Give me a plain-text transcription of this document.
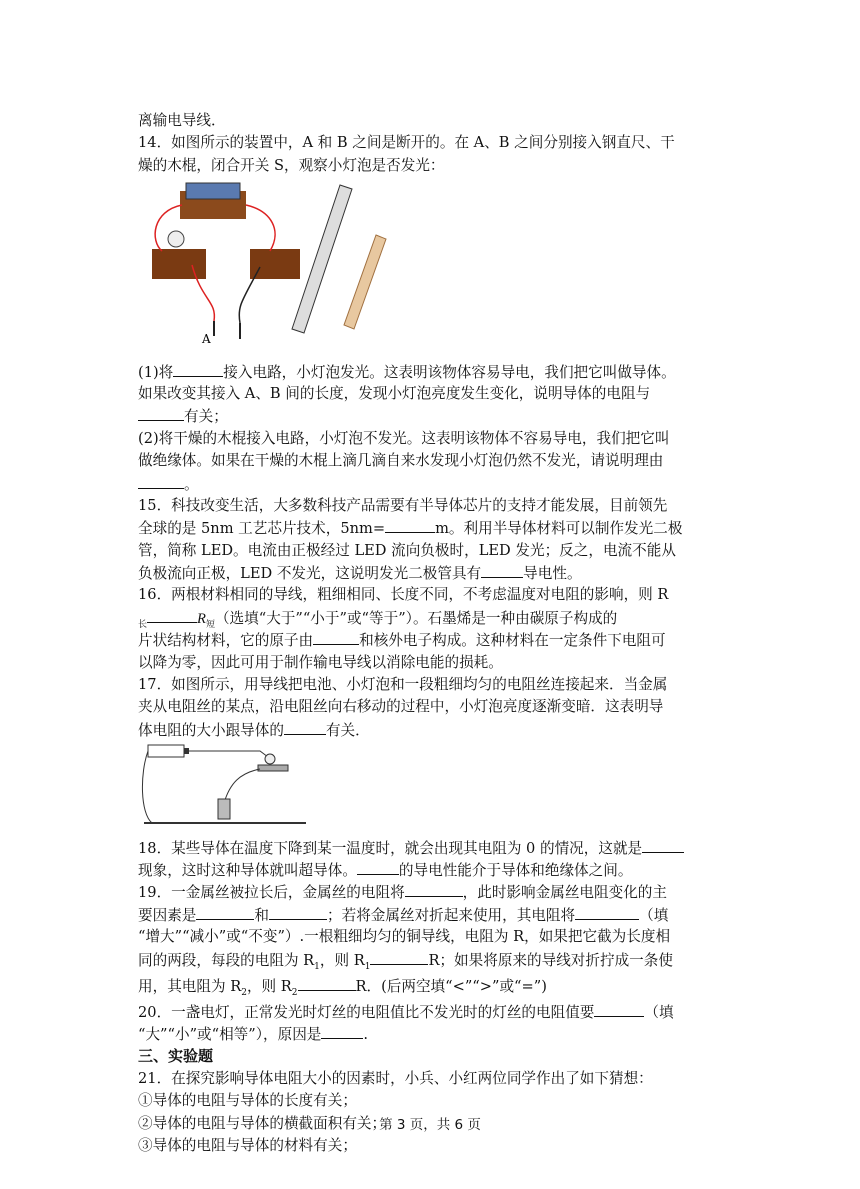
离输电导线．
14．如图所示的装置中，A 和 B 之间是断开的。在 A、B 之间分别接入钢直尺、干
燥的木棍，闭合开关 S，观察小灯泡是否发光：
A
(1)将	接入电路，小灯泡发光。这表明该物体容易导电，我们把它叫做导体。
如果改变其接入 A、B 间的长度，发现小灯泡亮度发生变化，说明导体的电阻与
有关；
(2)将干燥的木棍接入电路，小灯泡不发光。这表明该物体不容易导电，我们把它叫
做绝缘体。如果在干燥的木棍上滴几滴自来水发现小灯泡仍然不发光，请说明理由
。
15．科技改变生活，大多数科技产品需要有半导体芯片的支持才能发展，目前领先
全球的是 5nm 工艺芯片技术，5nm=	m。利用半导体材料可以制作发光二极
管，简称 LED。电流由正极经过 LED 流向负极时，LED 发光；反之，电流不能从
负极流向正极，LED 不发光，这说明发光二极管具有	导电性。
16．两根材料相同的导线，粗细相同、长度不同，不考虑温度对电阻的影响，则 R
$_长$	$R_短$（选填“大于”“小于”或“等于”）。石墨烯是一种由碳原子构成的
片状结构材料，它的原子由	和核外电子构成。这种材料在一定条件下电阻可
以降为零，因此可用于制作输电导线以消除电能的损耗。
17．如图所示，用导线把电池、小灯泡和一段粗细均匀的电阻丝连接起来．当金属
夹从电阻丝的某点，沿电阻丝向右移动的过程中，小灯泡亮度逐渐变暗．这表明导
体电阻的大小跟导体的	有关．
18．某些导体在温度下降到某一温度时，就会出现其电阻为 0 的情况，这就是
现象，这时这种导体就叫超导体。	的导电性能介于导体和绝缘体之间。
19．一金属丝被拉长后，金属丝的电阻将	，此时影响金属丝电阻变化的主
要因素是	和	；若将金属丝对折起来使用，其电阻将	（填
“增大”“减小”或“不变”）.一根粗细均匀的铜导线，电阻为 R，如果把它截为长度相
同的两段，每段的电阻为 $R_1$，则 $R_1$	R；如果将原来的导线对折拧成一条使
用，其电阻为 $R_2$，则 $R_2$	R．(后两空填“<”“>”或“=”)
20．一盏电灯，正常发光时灯丝的电阻值比不发光时的灯丝的电阻值要	（填
“大”“小”或“相等”），原因是	.
三、实验题
21．在探究影响导体电阻大小的因素时，小兵、小红两位同学作出了如下猜想：
①导体的电阻与导体的长度有关；
②导体的电阻与导体的横截面积有关；
③导体的电阻与导体的材料有关；
第 3 页，共 6 页
